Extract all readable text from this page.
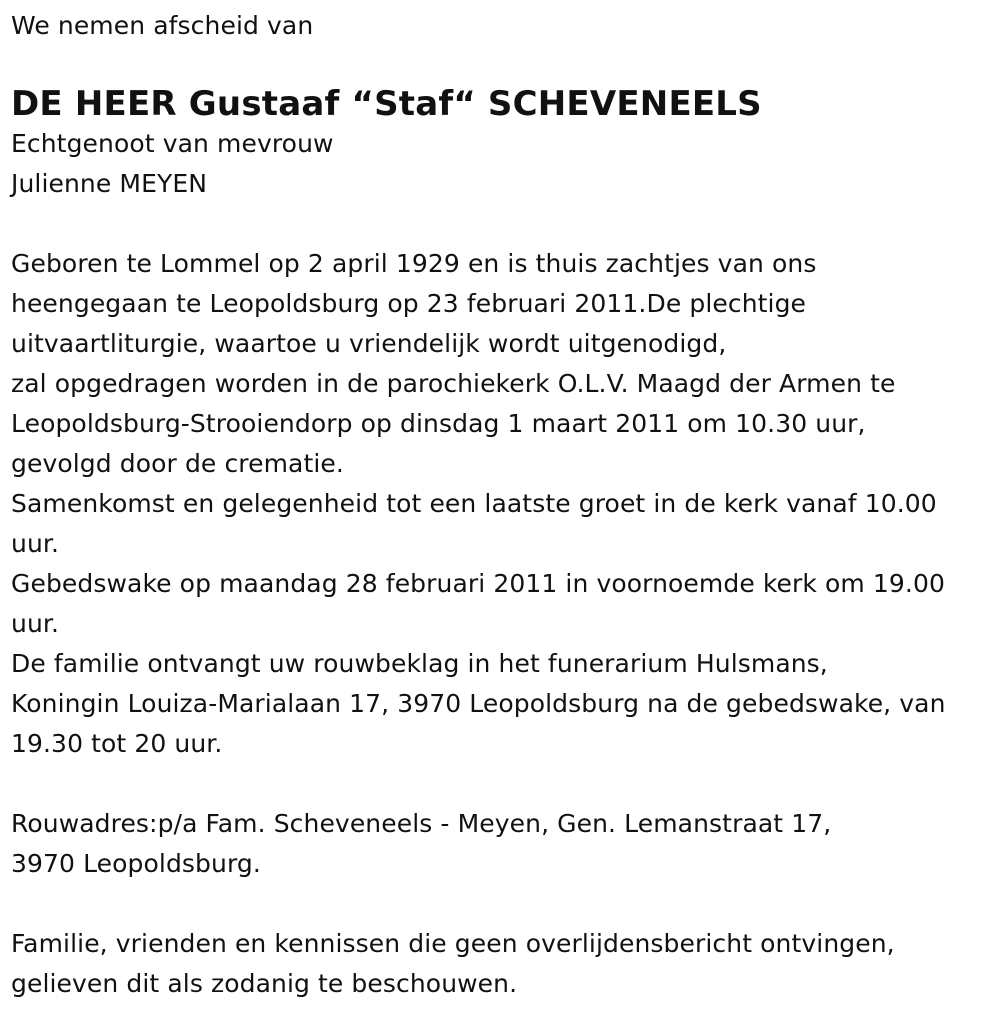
We nemen afscheid van

DE HEER Gustaaf “Staf“ SCHEVENEELS

Echtgenoot van mevrouw

Julienne MEYEN

Geboren te Lommel op 2 april 1929 en is thuis zachtjes van ons

heengegaan te Leopoldsburg op 23 februari 2011.De plechtige

uitvaartliturgie, waartoe u vriendelijk wordt uitgenodigd,

zal opgedragen worden in de parochiekerk O.L.V. Maagd der Armen te

Leopoldsburg-Strooiendorp op dinsdag 1 maart 2011 om 10.30 uur,

gevolgd door de crematie.

Samenkomst en gelegenheid tot een laatste groet in de kerk vanaf 10.00

uur.

Gebedswake op maandag 28 februari 2011 in voornoemde kerk om 19.00

uur.

De familie ontvangt uw rouwbeklag in het funerarium Hulsmans,

Koningin Louiza-Marialaan 17, 3970 Leopoldsburg na de gebedswake, van

19.30 tot 20 uur.

Rouwadres:p/a Fam. Scheveneels - Meyen, Gen. Lemanstraat 17,

3970 Leopoldsburg.

Familie, vrienden en kennissen die geen overlijdensbericht ontvingen,

gelieven dit als zodanig te beschouwen.
